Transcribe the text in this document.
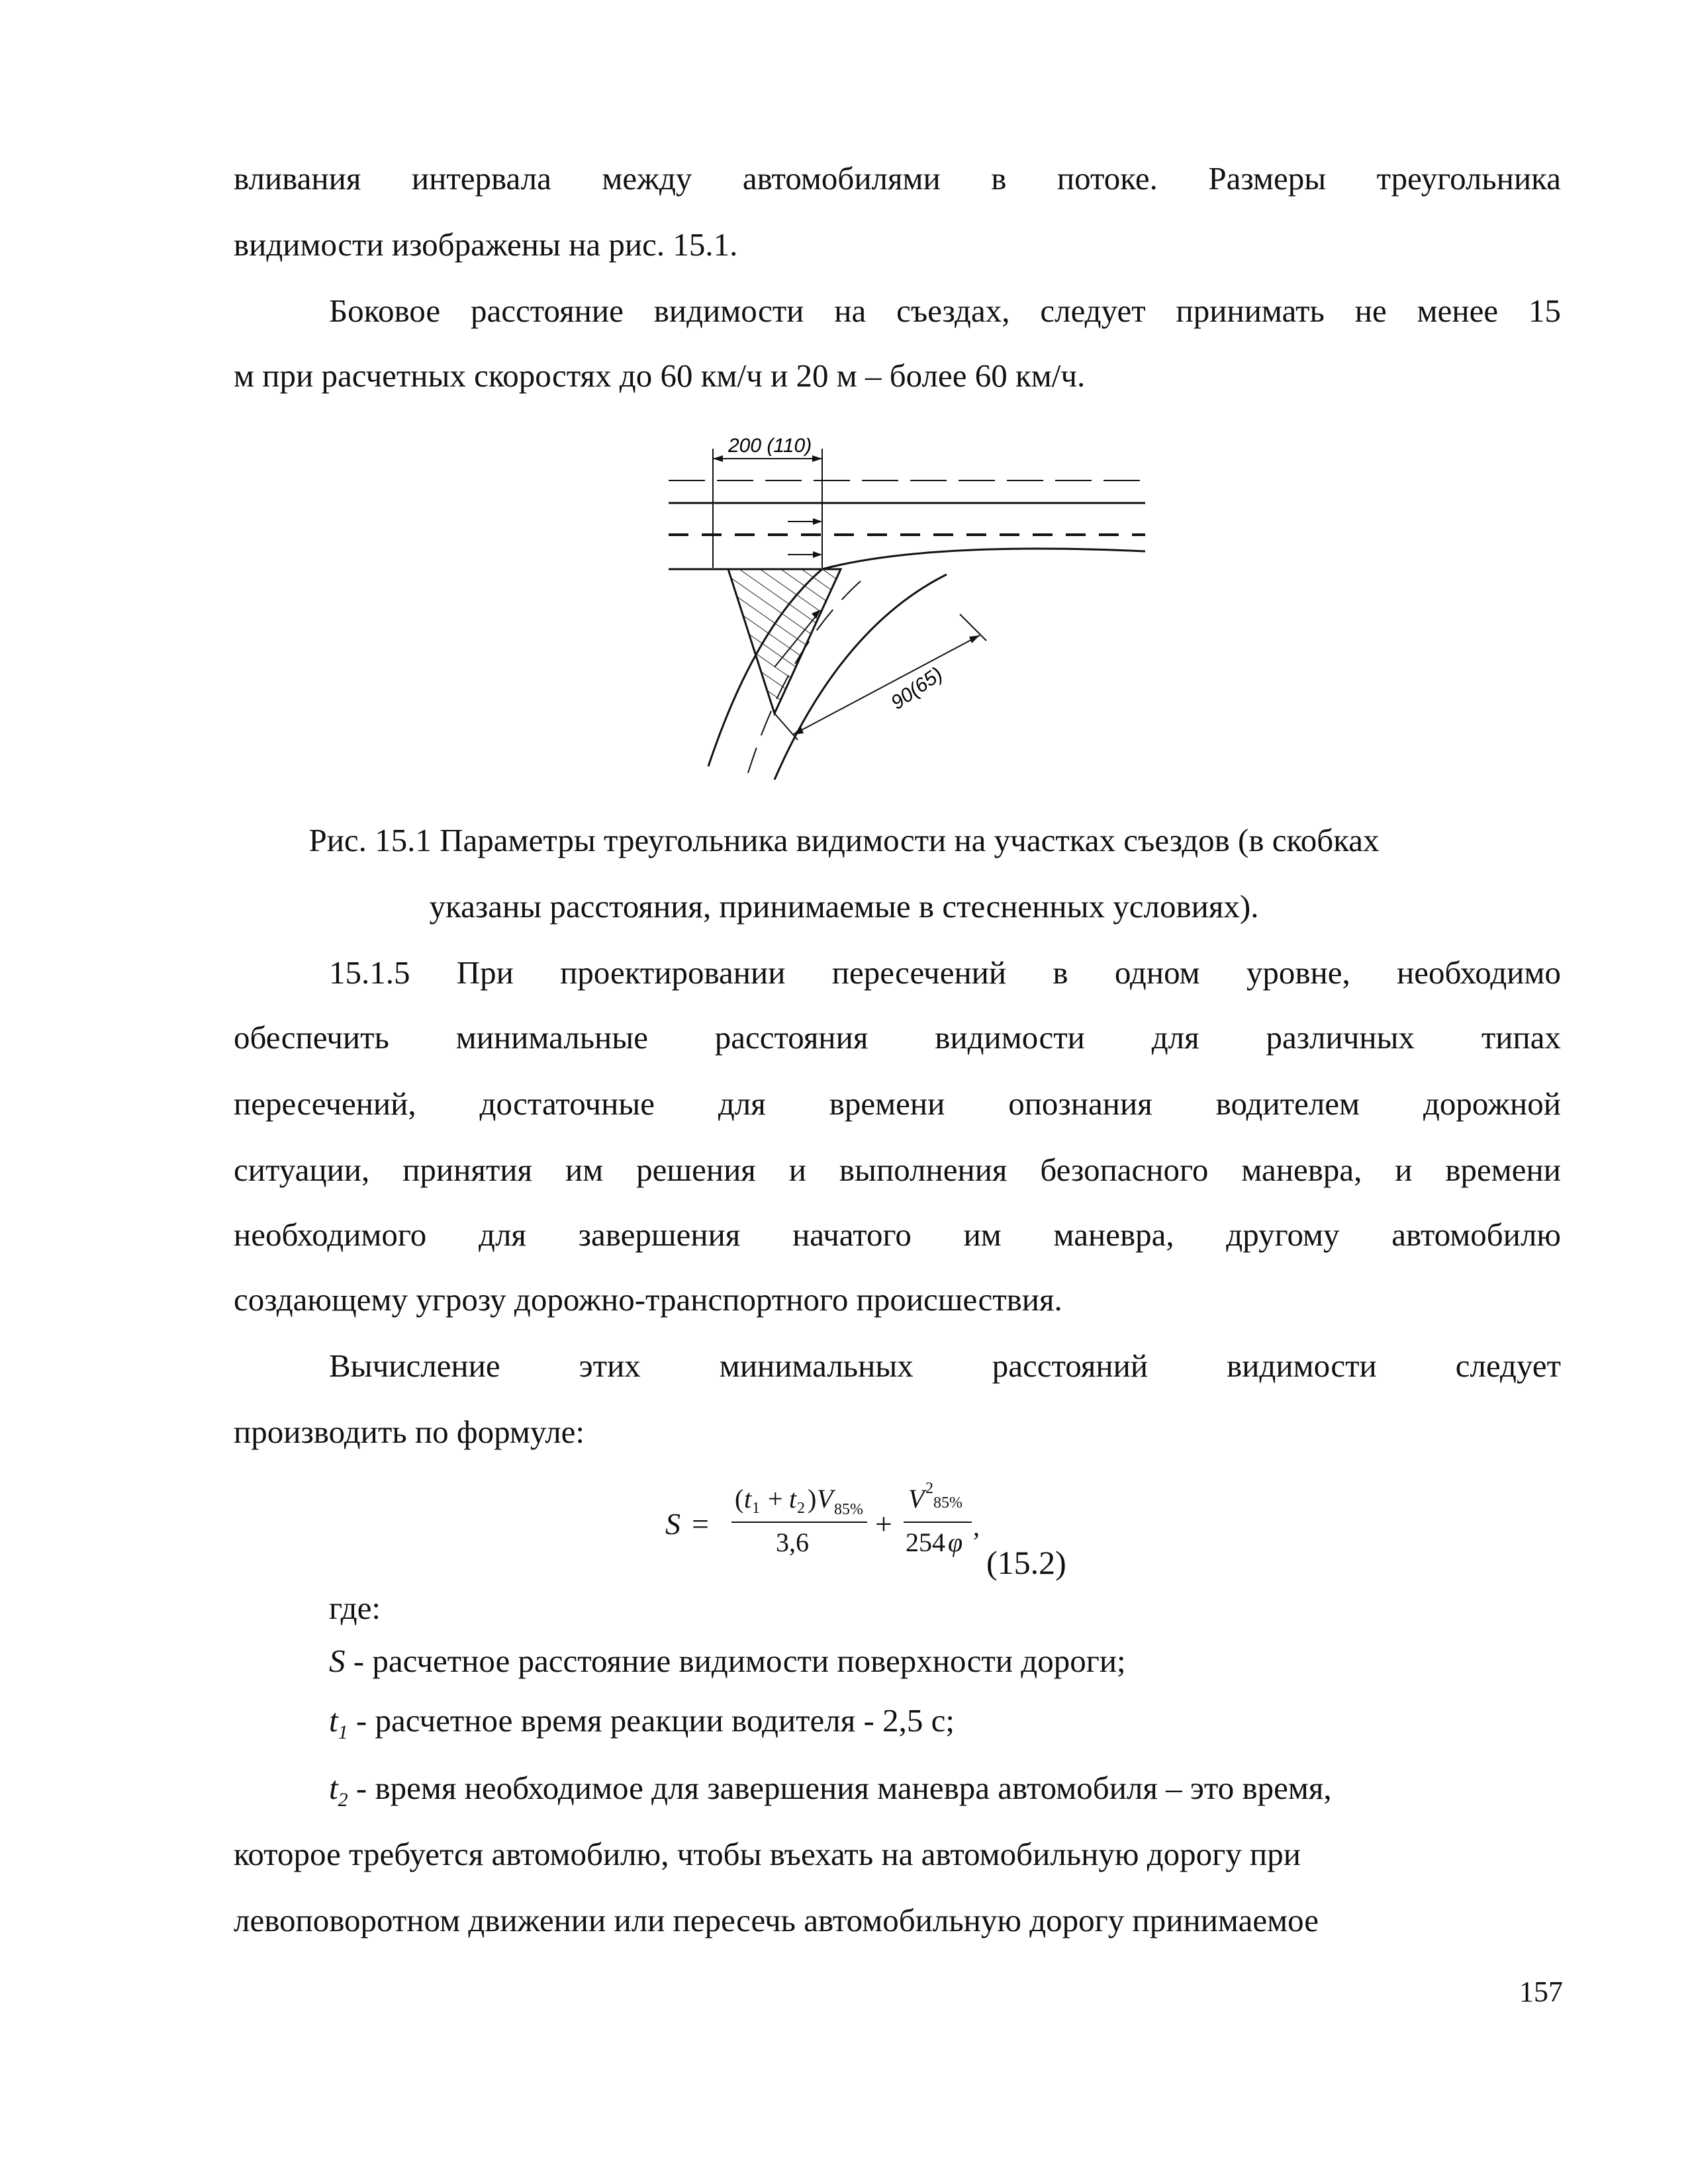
вливания интервала между автомобилями в потоке. Размеры треугольника
видимости изображены на рис. 15.1.
Боковое расстояние видимости на съездах, следует принимать не менее 15
м при расчетных скоростях до 60 км/ч и 20 м – более 60 км/ч.
200 (110)
90(65)
Рис. 15.1 Параметры треугольника видимости на участках съездов (в скобках
указаны расстояния, принимаемые в стесненных условиях).
15.1.5 При проектировании пересечений в одном уровне, необходимо
обеспечить минимальные расстояния видимости для различных типах
пересечений, достаточные для времени опознания водителем дорожной
ситуации, принятия им решения и выполнения безопасного маневра, и времени
необходимого для завершения начатого им маневра, другому автомобилю
создающему угрозу дорожно-транспортного происшествия.
Вычисление этих минимальных расстояний видимости следует
производить по формуле:
S =
( t 1 + t 2 ) V 85%
3,6
+
V 2
85%
254 φ
,
(15.2)
где:
S - расчетное расстояние видимости поверхности дороги;
$t_1$ - расчетное время реакции водителя - 2,5 с;
$t_2$ - время необходимое для завершения маневра автомобиля – это время,
которое требуется автомобилю, чтобы въехать на автомобильную дорогу при
левоповоротном движении или пересечь автомобильную дорогу принимаемое
157
